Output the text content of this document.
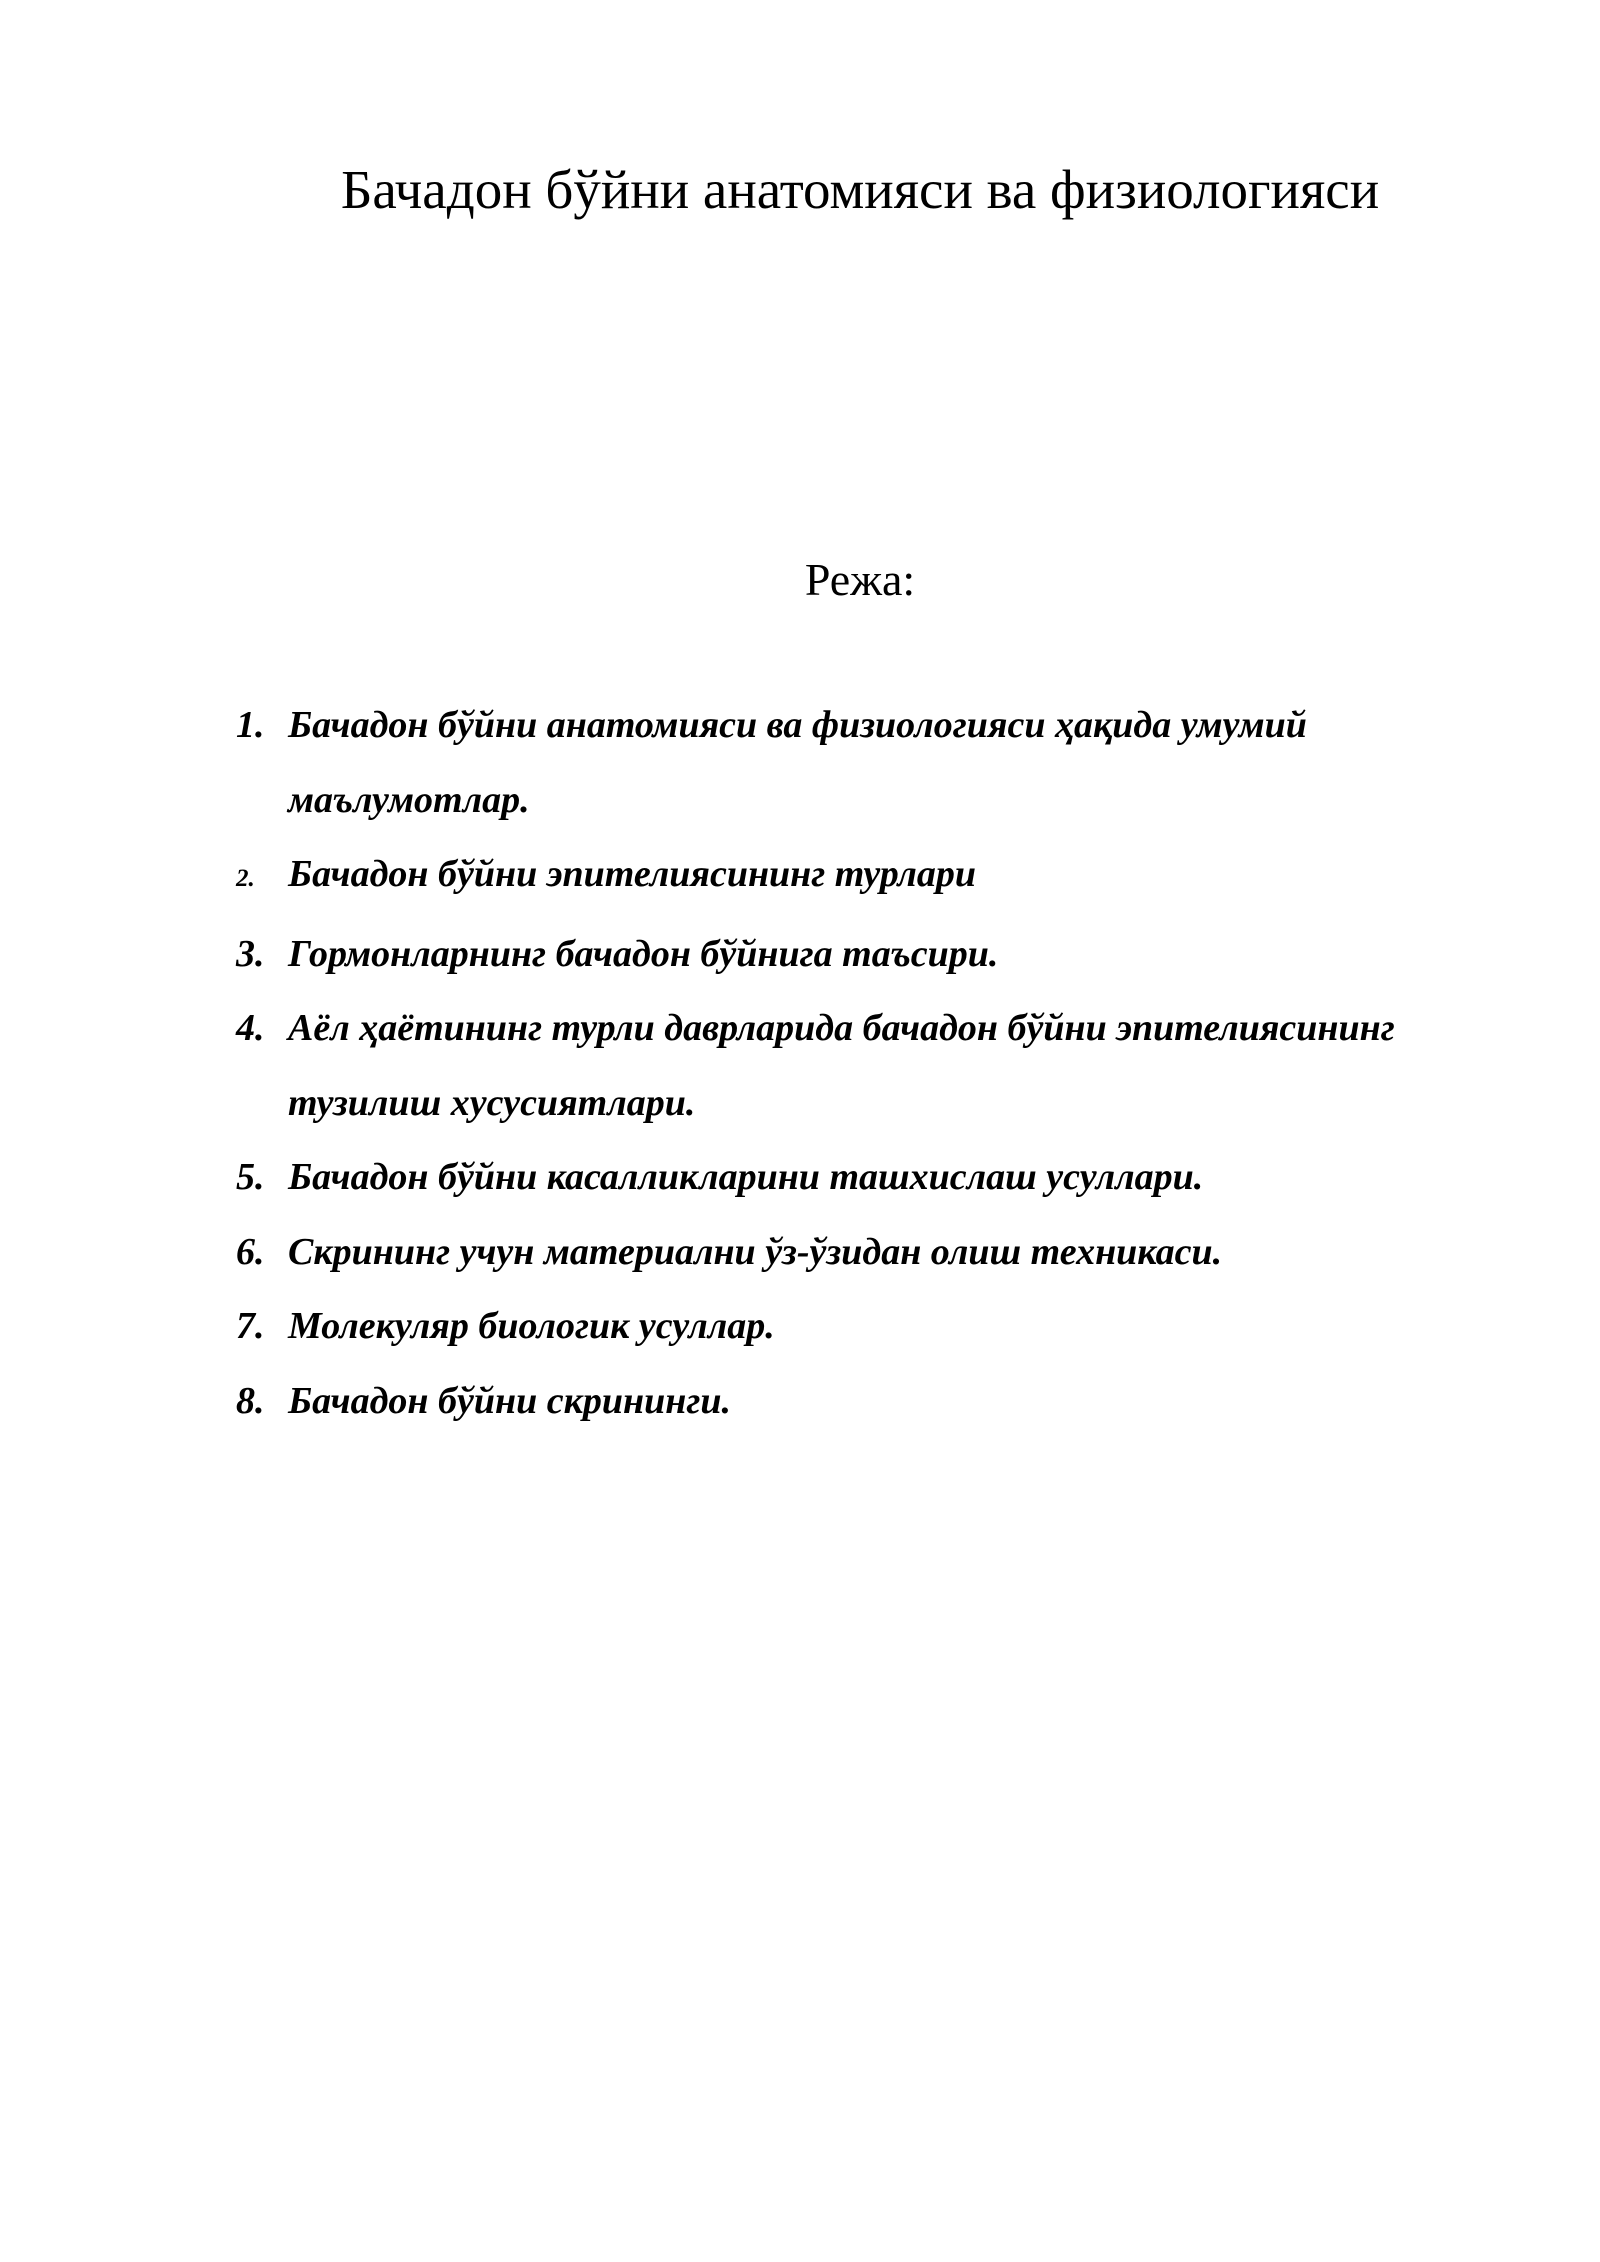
Бачадон бўйни анатомияси ва физиологияси
Режа:
1. Бачадон бўйни анатомияси ва физиологияси ҳақида умумий маълумотлар.
2. Бачадон бўйни эпителиясининг турлари
3. Гормонларнинг бачадон бўйнига таъсири.
4. Аёл ҳаётининг турли даврларида бачадон бўйни эпителиясининг тузилиш хусусиятлари.
5. Бачадон бўйни касалликларини ташхислаш усуллари.
6. Скрининг учун материални ўз-ўзидан олиш техникаси.
7. Молекуляр биологик усуллар.
8. Бачадон бўйни скрининги.
